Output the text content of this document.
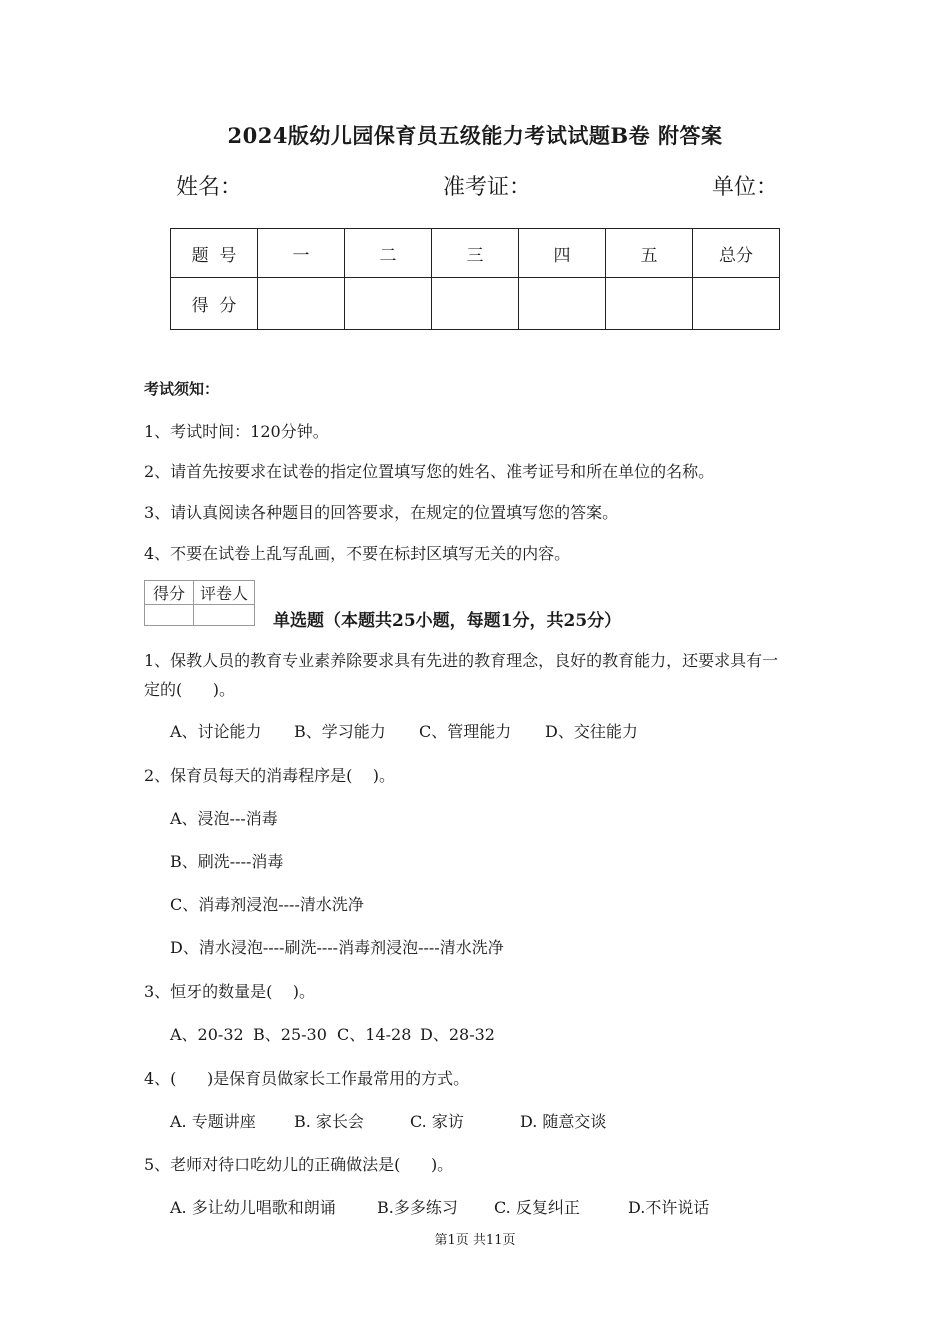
2024版幼儿园保育员五级能力考试试题B卷 附答案
姓名：	准考证：	单位：
题  号	一	二	三	四	五	总分
得  分						
考试须知：
1、考试时间：120分钟。
2、请首先按要求在试卷的指定位置填写您的姓名、准考证号和所在单位的名称。
3、请认真阅读各种题目的回答要求，在规定的位置填写您的答案。
4、不要在试卷上乱写乱画，不要在标封区填写无关的内容。
得分	评卷人

单选题（本题共25小题，每题1分，共25分）
1、保教人员的教育专业素养除要求具有先进的教育理念，良好的教育能力，还要求具有一
定的(      )。
A、讨论能力 B、学习能力 C、管理能力 D、交往能力
2、保育员每天的消毒程序是(    )。
A、浸泡---消毒
B、刷洗----消毒
C、消毒剂浸泡----清水洗净
D、清水浸泡----刷洗----消毒剂浸泡----清水洗净
3、恒牙的数量是(    )。
A、20-32 B、25-30 C、14-28 D、28-32
4、(      )是保育员做家长工作最常用的方式。
A. 专题讲座 B. 家长会	C. 家访	D. 随意交谈
5、老师对待口吃幼儿的正确做法是(      )。
A. 多让幼儿唱歌和朗诵	B.多多练习 C. 反复纠正	D.不许说话
第1页 共11页
